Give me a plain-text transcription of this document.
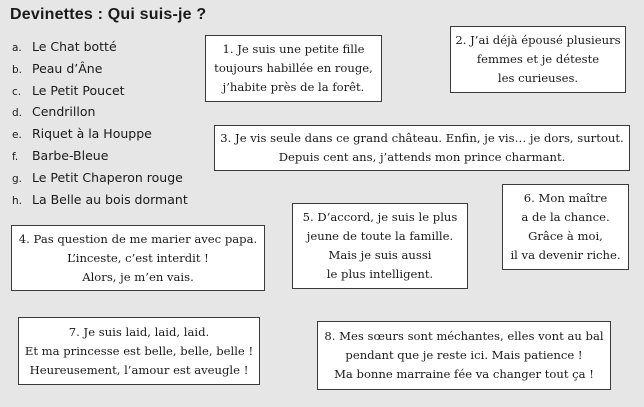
Devinettes : Qui suis-je ?
a. Le Chat botté
b. Peau d’Âne
c. Le Petit Poucet
d. Cendrillon
e. Riquet à la Houppe
f. Barbe-Bleue
g. Le Petit Chaperon rouge
h. La Belle au bois dormant
1. Je suis une petite fille
toujours habillée en rouge,
j’habite près de la forêt.
2. J’ai déjà épousé plusieurs
femmes et je déteste
les curieuses.
3. Je vis seule dans ce grand château. Enfin, je vis… je dors, surtout.
Depuis cent ans, j’attends mon prince charmant.
4. Pas question de me marier avec papa.
L’inceste, c’est interdit !
Alors, je m’en vais.
5. D’accord, je suis le plus
jeune de toute la famille.
Mais je suis aussi
le plus intelligent.
6. Mon maître
a de la chance.
Grâce à moi,
il va devenir riche.
7. Je suis laid, laid, laid.
Et ma princesse est belle, belle, belle !
Heureusement, l’amour est aveugle !
8. Mes sœurs sont méchantes, elles vont au bal
pendant que je reste ici. Mais patience !
Ma bonne marraine fée va changer tout ça !
